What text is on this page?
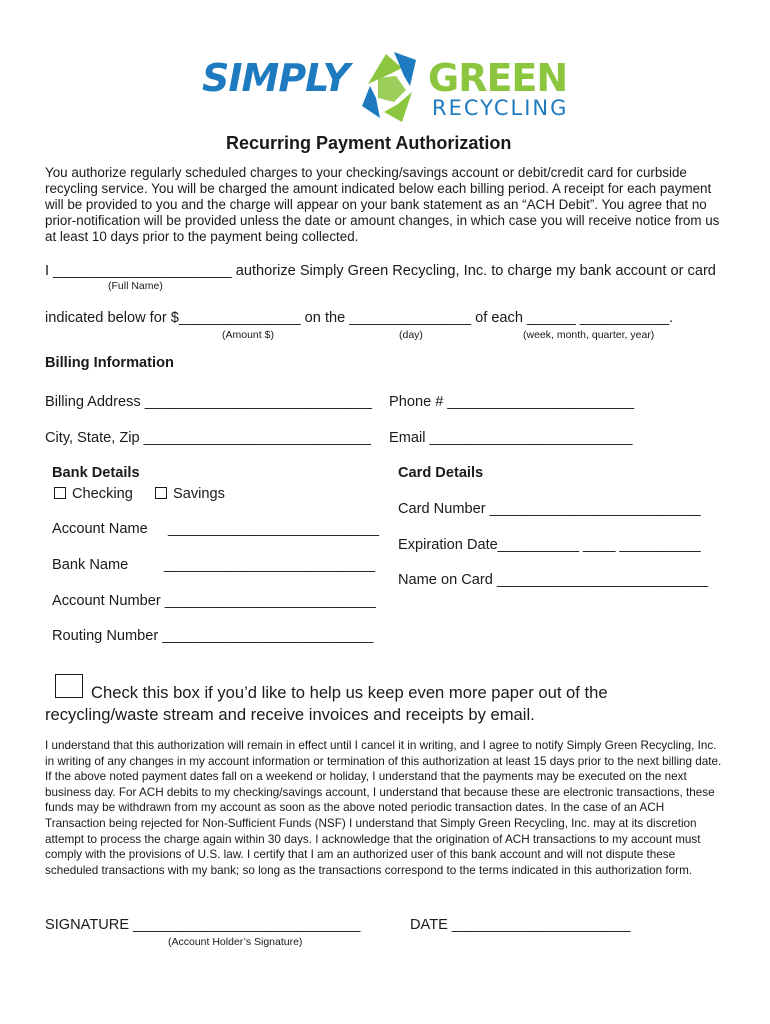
SIMPLY GREEN
RECYCLING
Recurring Payment Authorization
You authorize regularly scheduled charges to your checking/savings account or debit/credit card for curbside recycling service. You will be charged the amount indicated below each billing period. A receipt for each payment will be provided to you and the charge will appear on your bank statement as an “ACH Debit”. You agree that no prior-notification will be provided unless the date or amount changes, in which case you will receive notice from us at least 10 days prior to the payment being collected.
I ______________________ authorize Simply Green Recycling, Inc. to charge my bank account or card
(Full Name)
indicated below for $_______________ on the _______________ of each ______ ___________.
(Amount $)	(day)	(week, month, quarter, year)
Billing Information
Billing Address ____________________________ Phone # _______________________
City, State, Zip ____________________________ Email _________________________
Bank Details
Checking	Savings
Account Name __________________________
Bank Name __________________________
Account Number __________________________
Routing Number __________________________
Card Details
Card Number __________________________
Expiration Date__________ ____ __________
Name on Card __________________________
Check this box if you’d like to help us keep even more paper out of the
recycling/waste stream and receive invoices and receipts by email.
I understand that this authorization will remain in effect until I cancel it in writing, and I agree to notify Simply Green Recycling, Inc. in writing of any changes in my account information or termination of this authorization at least 15 days prior to the next billing date. If the above noted payment dates fall on a weekend or holiday, I understand that the payments may be executed on the next business day. For ACH debits to my checking/savings account, I understand that because these are electronic transactions, these funds may be withdrawn from my account as soon as the above noted periodic transaction dates. In the case of an ACH Transaction being rejected for Non-Sufficient Funds (NSF) I understand that Simply Green Recycling, Inc. may at its discretion attempt to process the charge again within 30 days. I acknowledge that the origination of ACH transactions to my account must comply with the provisions of U.S. law. I certify that I am an authorized user of this bank account and will not dispute these scheduled transactions with my bank; so long as the transactions correspond to the terms indicated in this authorization form.
SIGNATURE ____________________________
(Account Holder’s Signature)
DATE ______________________
